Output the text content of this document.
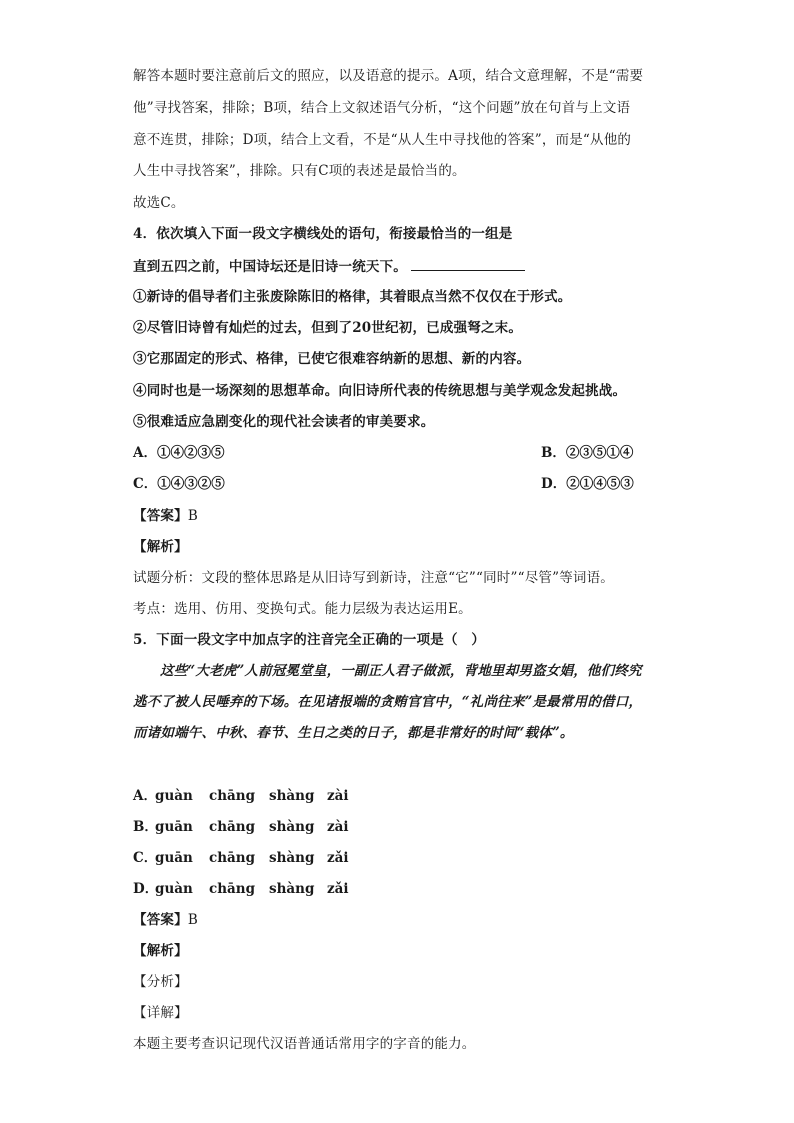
解答本题时要注意前后文的照应，以及语意的提示。A项，结合文意理解，不是“需要
他”寻找答案，排除；B项，结合上文叙述语气分析，“这个问题”放在句首与上文语
意不连贯，排除；D项，结合上文看，不是“从人生中寻找他的答案”，而是“从他的
人生中寻找答案”，排除。只有C项的表述是最恰当的。
故选C。
4．依次填入下面一段文字横线处的语句，衔接最恰当的一组是
直到五四之前，中国诗坛还是旧诗一统天下。
①新诗的倡导者们主张废除陈旧的格律，其着眼点当然不仅仅在于形式。
②尽管旧诗曾有灿烂的过去，但到了20世纪初，已成强弩之末。
③它那固定的形式、格律，已使它很难容纳新的思想、新的内容。
④同时也是一场深刻的思想革命。向旧诗所代表的传统思想与美学观念发起挑战。
⑤很难适应急剧变化的现代社会读者的审美要求。
A．①④②③⑤	B．②③⑤①④
C．①④③②⑤	D．②①④⑤③
【答案】B
【解析】
试题分析：文段的整体思路是从旧诗写到新诗，注意“它”“同时”“尽管”等词语。
考点：选用、仿用、变换句式。能力层级为表达运用E。
5．下面一段文字中加点字的注音完全正确的一项是（　）
这些“大老虎”人前冠冕堂皇，一副正人君子做派，背地里却男盗女娼，他们终究
逃不了被人民唾弃的下场。在见诸报端的贪贿官官中，“礼尚往来”是最常用的借口，
而诸如端午、中秋、春节、生日之类的日子，都是非常好的时间“载体”。
A．
guàn chāng shàng zài
B．
guān chāng shàng zài
C．
guān chāng shàng zǎi
D．
guàn chāng shàng zǎi
【答案】B
【解析】
【分析】
【详解】
本题主要考查识记现代汉语普通话常用字的字音的能力。
